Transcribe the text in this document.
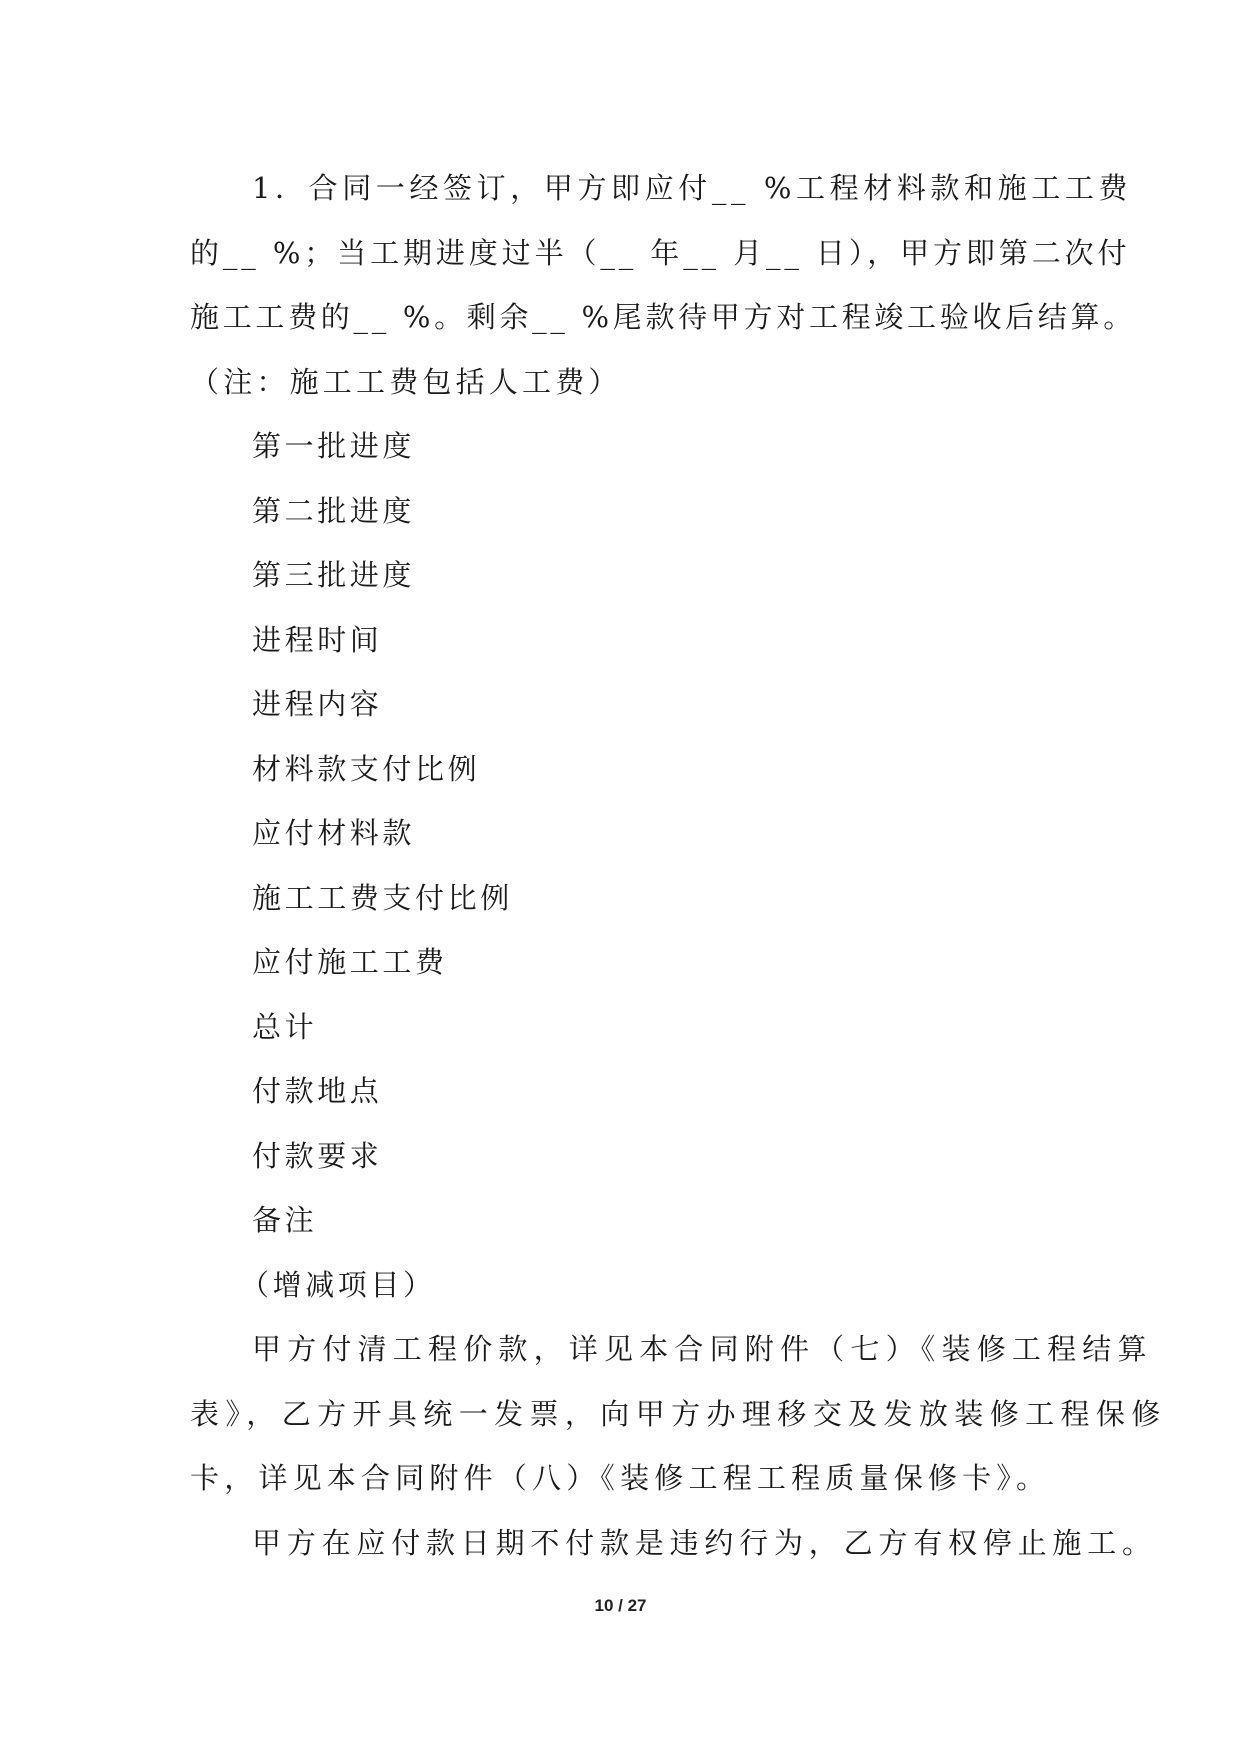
1．合同一经签订，甲方即应付__ %工程材料款和施工工费
的__ %；当工期进度过半（__ 年__ 月__ 日），甲方即第二次付
施工工费的__ %。剩余__ %尾款待甲方对工程竣工验收后结算。
（注：施工工费包括人工费）
第一批进度
第二批进度
第三批进度
进程时间
进程内容
材料款支付比例
应付材料款
施工工费支付比例
应付施工工费
总计
付款地点
付款要求
备注
（增减项目）
甲方付清工程价款，详见本合同附件（七）《装修工程结算
表》，乙方开具统一发票，向甲方办理移交及发放装修工程保修
卡，详见本合同附件（八）《装修工程工程质量保修卡》。
甲方在应付款日期不付款是违约行为，乙方有权停止施工。
10 / 27
